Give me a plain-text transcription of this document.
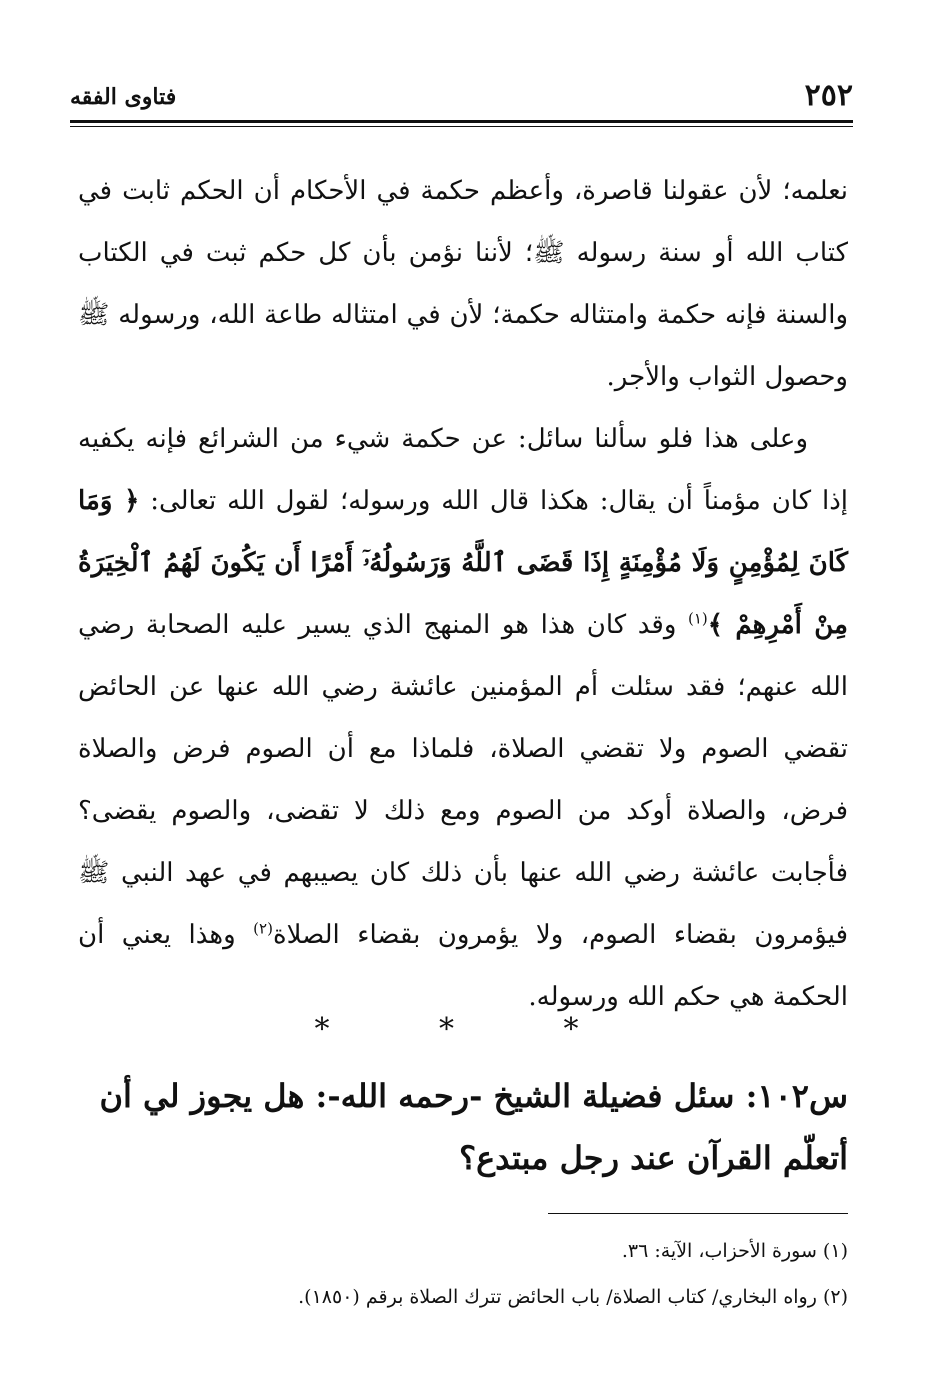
٢٥٢
فتاوى الفقه

نعلمه؛ لأن عقولنا قاصرة، وأعظم حكمة في الأحكام أن الحكم ثابت في كتاب الله أو سنة رسوله ﷺ؛ لأننا نؤمن بأن كل حكم ثبت في الكتاب والسنة فإنه حكمة وامتثاله حكمة؛ لأن في امتثاله طاعة الله، ورسوله ﷺ وحصول الثواب والأجر.

وعلى هذا فلو سألنا سائل: عن حكمة شيء من الشرائع فإنه يكفيه إذا كان مؤمناً أن يقال: هكذا قال الله ورسوله؛ لقول الله تعالى: ﴿ وَمَا كَانَ لِمُؤْمِنٍ وَلَا مُؤْمِنَةٍ إِذَا قَضَى ٱللَّهُ وَرَسُولُهُۥٓ أَمْرًا أَن يَكُونَ لَهُمُ ٱلْخِيَرَةُ مِنْ أَمْرِهِمْ ﴾$^{(١)}$ وقد كان هذا هو المنهج الذي يسير عليه الصحابة رضي الله عنهم؛ فقد سئلت أم المؤمنين عائشة رضي الله عنها عن الحائض تقضي الصوم ولا تقضي الصلاة، فلماذا مع أن الصوم فرض والصلاة فرض، والصلاة أوكد من الصوم ومع ذلك لا تقضى، والصوم يقضى؟ فأجابت عائشة رضي الله عنها بأن ذلك كان يصيبهم في عهد النبي ﷺ فيؤمرون بقضاء الصوم، ولا يؤمرون بقضاء الصلاة$^{(٢)}$ وهذا يعني أن الحكمة هي حكم الله ورسوله.

* * *
س١٠٢: سئل فضيلة الشيخ -رحمه الله-: هل يجوز لي أن أتعلّم القرآن عند رجل مبتدع؟

(١) سورة الأحزاب، الآية: ٣٦.

(٢) رواه البخاري/ كتاب الصلاة/ باب الحائض تترك الصلاة برقم (١٨٥٠).
